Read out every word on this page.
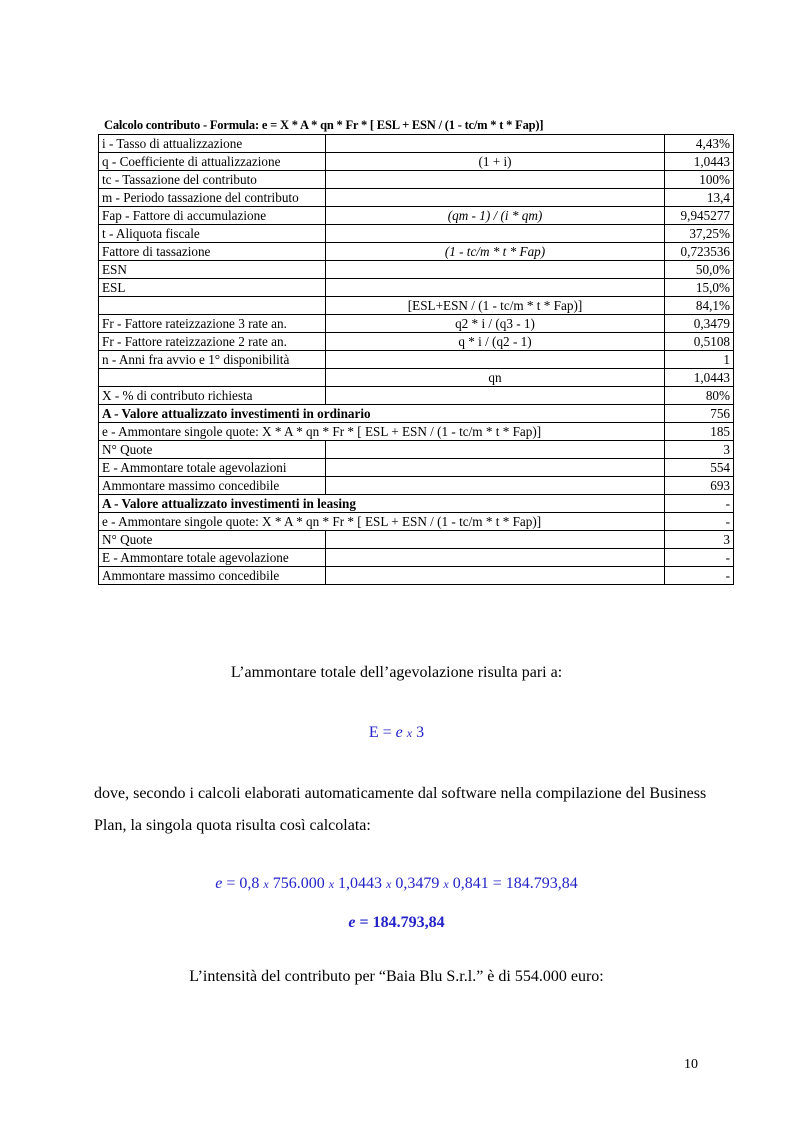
Calcolo contributo - Formula: e = X * A * qn * Fr * [ ESL + ESN / (1 - tc/m * t * Fap)]
i - Tasso di attualizzazione		4,43%
q - Coefficiente di attualizzazione	(1 + i)	1,0443
tc - Tassazione del contributo		100%
m - Periodo tassazione del contributo		13,4
Fap - Fattore di accumulazione	(qm - 1) / (i * qm)	9,945277
t - Aliquota fiscale		37,25%
Fattore di tassazione	(1 - tc/m * t * Fap)	0,723536
ESN		50,0%
ESL		15,0%
	[ESL+ESN / (1 - tc/m * t * Fap)]	84,1%
Fr - Fattore rateizzazione 3 rate an.	q2 * i / (q3 - 1)	0,3479
Fr - Fattore rateizzazione 2 rate an.	q * i / (q2 - 1)	0,5108
n - Anni fra avvio e 1° disponibilità		1
	qn	1,0443
X - % di contributo richiesta		80%
A - Valore attualizzato investimenti in ordinario		756
e - Ammontare singole quote: X * A * qn * Fr * [ ESL + ESN / (1 - tc/m * t * Fap)]		185
N° Quote		3
E - Ammontare totale agevolazioni		554
Ammontare massimo concedibile		693
A - Valore attualizzato investimenti in leasing		-
e - Ammontare singole quote: X * A * qn * Fr * [ ESL + ESN / (1 - tc/m * t * Fap)]		-
N° Quote		3
E - Ammontare totale agevolazione		-
Ammontare massimo concedibile		-
L’ammontare totale dell’agevolazione risulta pari a:
E = e x 3
dove, secondo i calcoli elaborati automaticamente dal software nella compilazione del Business Plan, la singola quota risulta così calcolata:
e = 0,8 x 756.000 x 1,0443 x 0,3479 x 0,841 = 184.793,84
e = 184.793,84
L’intensità del contributo per “Baia Blu S.r.l.” è di 554.000 euro:
10
